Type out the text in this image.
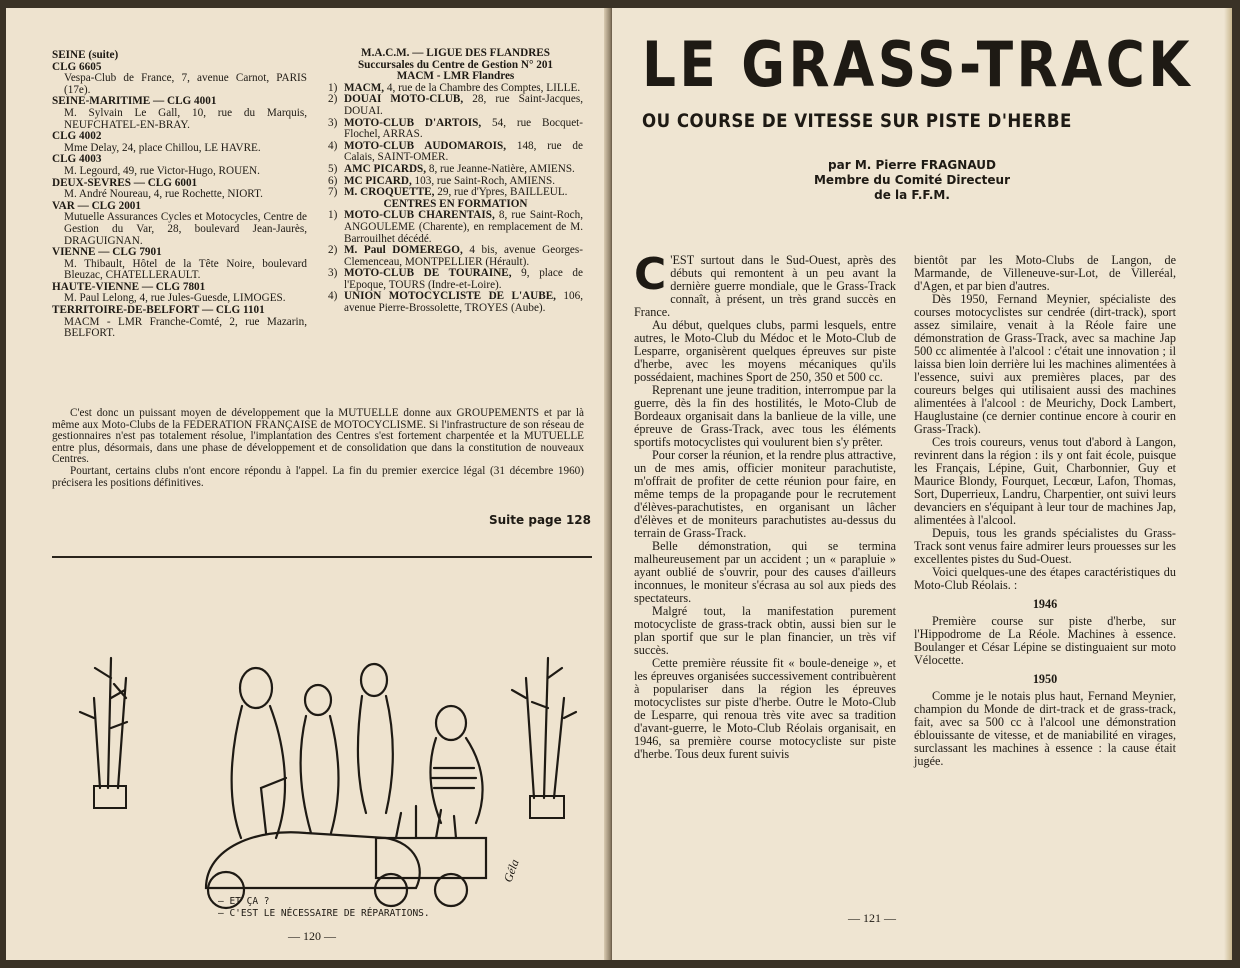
SEINE (suite)
CLG 6605
Vespa-Club de France, 7, avenue Carnot, PARIS (17e).
SEINE-MARITIME — CLG 4001
M. Sylvain Le Gall, 10, rue du Marquis, NEUFCHATEL-EN-BRAY.
CLG 4002
Mme Delay, 24, place Chillou, LE HAVRE.
CLG 4003
M. Legourd, 49, rue Victor-Hugo, ROUEN.
DEUX-SEVRES — CLG 6001
M. André Noureau, 4, rue Rochette, NIORT.
VAR — CLG 2001
Mutuelle Assurances Cycles et Motocycles, Centre de Gestion du Var, 28, boulevard Jean-Jaurès, DRAGUIGNAN.
VIENNE — CLG 7901
M. Thibault, Hôtel de la Tête Noire, boulevard Bleuzac, CHATELLERAULT.
HAUTE-VIENNE — CLG 7801
M. Paul Lelong, 4, rue Jules-Guesde, LIMOGES.
TERRITOIRE-DE-BELFORT — CLG 1101
MACM - LMR Franche-Comté, 2, rue Mazarin, BELFORT.
M.A.C.M. — LIGUE DES FLANDRES
Succursales du Centre de Gestion N° 201
MACM - LMR Flandres
1) MACM, 4, rue de la Chambre des Comptes, LILLE.
2) DOUAI MOTO-CLUB, 28, rue Saint-Jacques, DOUAI.
3) MOTO-CLUB D'ARTOIS, 54, rue Bocquet-Flochel, ARRAS.
4) MOTO-CLUB AUDOMAROIS, 148, rue de Calais, SAINT-OMER.
5) AMC PICARDS, 8, rue Jeanne-Natière, AMIENS.
6) MC PICARD, 103, rue Saint-Roch, AMIENS.
7) M. CROQUETTE, 29, rue d'Ypres, BAILLEUL.
CENTRES EN FORMATION
1) MOTO-CLUB CHARENTAIS, 8, rue Saint-Roch, ANGOULEME (Charente), en remplacement de M. Barrouilhet décédé.
2) M. Paul DOMEREGO, 4 bis, avenue Georges-Clemenceau, MONTPELLIER (Hérault).
3) MOTO-CLUB DE TOURAINE, 9, place de l'Epoque, TOURS (Indre-et-Loire).
4) UNION MOTOCYCLISTE DE L'AUBE, 106, avenue Pierre-Brossolette, TROYES (Aube).

C'est donc un puissant moyen de développement que la MUTUELLE donne aux GROUPEMENTS et par là même aux Moto-Clubs de la FEDERATION FRANÇAISE de MOTOCYCLISME. Si l'infrastructure de son réseau de gestionnaires n'est pas totalement résolue, l'implantation des Centres s'est fortement charpentée et la MUTUELLE entre plus, désormais, dans une phase de développement et de consolidation que dans la constitution de nouveaux Centres.

Pourtant, certains clubs n'ont encore répondu à l'appel. La fin du premier exercice légal (31 décembre 1960) précisera les positions définitives.

Suite page 128
Géla
— ET ÇA ?
— C'EST LE NÉCESSAIRE DE RÉPARATIONS.
— 120 —
LE GRASS-TRACK
OU COURSE DE VITESSE SUR PISTE D'HERBE
par M. Pierre FRAGNAUD
Membre du Comité Directeur
de la F.F.M.
C 'EST surtout dans le Sud-Ouest, après des débuts qui remontent à un peu avant la dernière guerre mondiale, que le Grass-Track connaît, à présent, un très grand succès en France.

Au début, quelques clubs, parmi lesquels, entre autres, le Moto-Club du Médoc et le Moto-Club de Lesparre, organisèrent quelques épreuves sur piste d'herbe, avec les moyens mécaniques qu'ils possédaient, machines Sport de 250, 350 et 500 cc.

Reprenant une jeune tradition, interrompue par la guerre, dès la fin des hostilités, le Moto-Club de Bordeaux organisait dans la banlieue de la ville, une épreuve de Grass-Track, avec tous les éléments sportifs motocyclistes qui voulurent bien s'y prêter.

Pour corser la réunion, et la rendre plus attractive, un de mes amis, officier moniteur parachutiste, m'offrait de profiter de cette réunion pour faire, en même temps de la propagande pour le recrutement d'élèves-parachutistes, en organisant un lâcher d'élèves et de moniteurs parachutistes au-dessus du terrain de Grass-Track.

Belle démonstration, qui se termina malheureusement par un accident ; un « parapluie » ayant oublié de s'ouvrir, pour des causes d'ailleurs inconnues, le moniteur s'écrasa au sol aux pieds des spectateurs.

Malgré tout, la manifestation purement motocycliste de grass-track obtin, aussi bien sur le plan sportif que sur le plan financier, un très vif succès.

Cette première réussite fit « boule-deneige », et les épreuves organisées successivement contribuèrent à populariser dans la région les épreuves motocyclistes sur piste d'herbe. Outre le Moto-Club de Lesparre, qui renoua très vite avec sa tradition d'avant-guerre, le Moto-Club Réolais organisait, en 1946, sa première course motocycliste sur piste d'herbe. Tous deux furent suivis

bientôt par les Moto-Clubs de Langon, de Marmande, de Villeneuve-sur-Lot, de Villeréal, d'Agen, et par bien d'autres.

Dès 1950, Fernand Meynier, spécialiste des courses motocyclistes sur cendrée (dirt-track), sport assez similaire, venait à la Réole faire une démonstration de Grass-Track, avec sa machine Jap 500 cc alimentée à l'alcool : c'était une innovation ; il laissa bien loin derrière lui les machines alimentées à l'essence, suivi aux premières places, par des coureurs belges qui utilisaient aussi des machines alimentées à l'alcool : de Meurichy, Dock Lambert, Hauglustaine (ce dernier continue encore à courir en Grass-Track).

Ces trois coureurs, venus tout d'abord à Langon, revinrent dans la région : ils y ont fait école, puisque les Français, Lépine, Guit, Charbonnier, Guy et Maurice Blondy, Fourquet, Lecœur, Lafon, Thomas, Sort, Duperrieux, Landru, Charpentier, ont suivi leurs devanciers en s'équipant à leur tour de machines Jap, alimentées à l'alcool.

Depuis, tous les grands spécialistes du Grass-Track sont venus faire admirer leurs prouesses sur les excellentes pistes du Sud-Ouest.

Voici quelques-une des étapes caractéristiques du Moto-Club Réolais. :

1946

Première course sur piste d'herbe, sur l'Hippodrome de La Réole. Machines à essence. Boulanger et César Lépine se distinguaient sur moto Vélocette.

1950

Comme je le notais plus haut, Fernand Meynier, champion du Monde de dirt-track et de grass-track, fait, avec sa 500 cc à l'alcool une démonstration éblouissante de vitesse, et de maniabilité en virages, surclassant les machines à essence : la cause était jugée.

— 121 —
